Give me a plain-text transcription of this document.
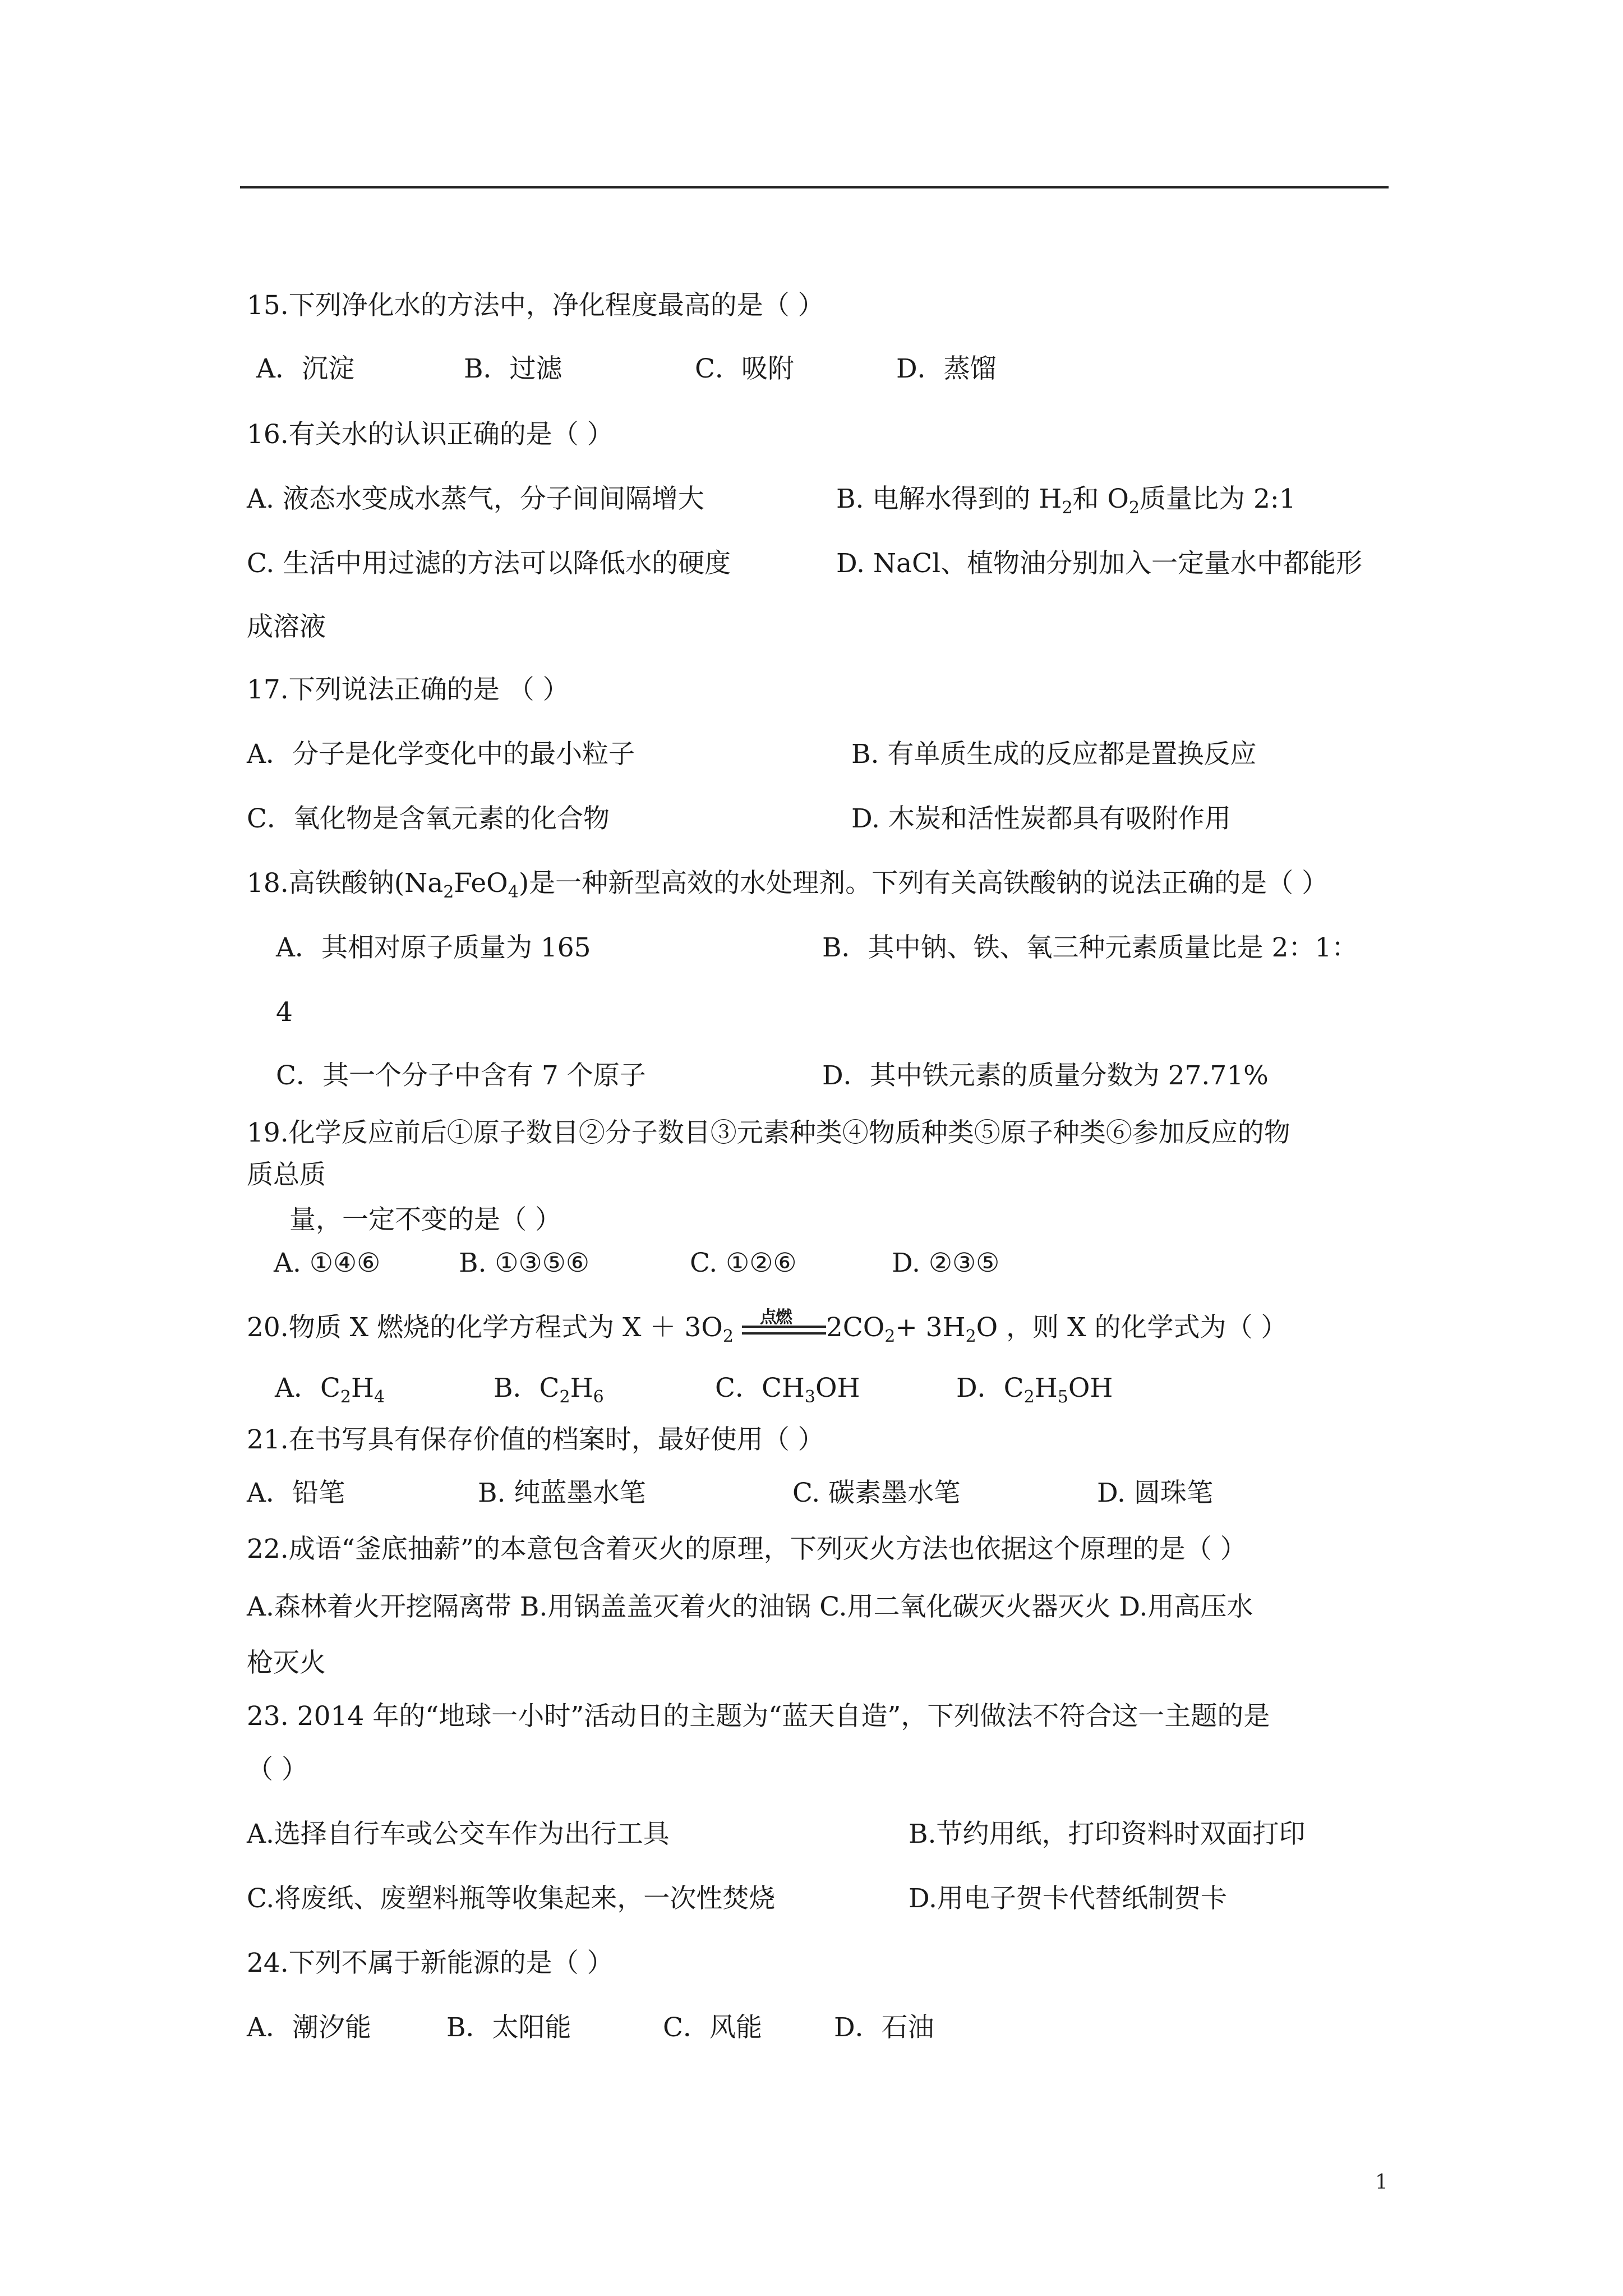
15.下列净化水的方法中，净化程度最高的是（ ）
A．沉淀	B．过滤	C．吸附	D．蒸馏
16.有关水的认识正确的是（ ）
A. 液态水变成水蒸气，分子间间隔增大	B. 电解水得到的 $H_2$和 $O_2$质量比为 2:1
C. 生活中用过滤的方法可以降低水的硬度	D. NaCl、植物油分别加入一定量水中都能形
成溶液
17.下列说法正确的是 （ ）
A．分子是化学变化中的最小粒子	B. 有单质生成的反应都是置换反应
C．氧化物是含氧元素的化合物	D. 木炭和活性炭都具有吸附作用
18.高铁酸钠$(Na_2FeO_4)$是一种新型高效的水处理剂。下列有关高铁酸钠的说法正确的是（ ）
A．其相对原子质量为 165	B．其中钠、铁、氧三种元素质量比是 2：1：
4
C．其一个分子中含有 7 个原子	D．其中铁元素的质量分数为 27.71%
19.化学反应前后①原子数目②分子数目③元素种类④物质种类⑤原子种类⑥参加反应的物
质总质
量，一定不变的是（ ）
A. ①④⑥	B. ①③⑤⑥	C. ①②⑥	D. ②③⑤
20.物质 X 燃烧的化学方程式为 $X + 3O_2$
点燃 $2CO_2+ 3H_2O$ ，则 X 的化学式为（ ）
A．$C_2H_4$	B．$C_2H_6$	C．$CH_3OH$	D．$C_2H_5OH$
21.在书写具有保存价值的档案时，最好使用（ ）
A．铅笔	B. 纯蓝墨水笔	C. 碳素墨水笔	D. 圆珠笔
22.成语“釜底抽薪”的本意包含着灭火的原理，下列灭火方法也依据这个原理的是（ ）
A.森林着火开挖隔离带 B.用锅盖盖灭着火的油锅 C.用二氧化碳灭火器灭火 D.用高压水
枪灭火
23. 2014 年的“地球一小时”活动日的主题为“蓝天自造”，下列做法不符合这一主题的是
（ ）
A.选择自行车或公交车作为出行工具	B.节约用纸，打印资料时双面打印
C.将废纸、废塑料瓶等收集起来，一次性焚烧	D.用电子贺卡代替纸制贺卡
24.下列不属于新能源的是（ ）
A．潮汐能	B．太阳能	C．风能	D．石油
1
